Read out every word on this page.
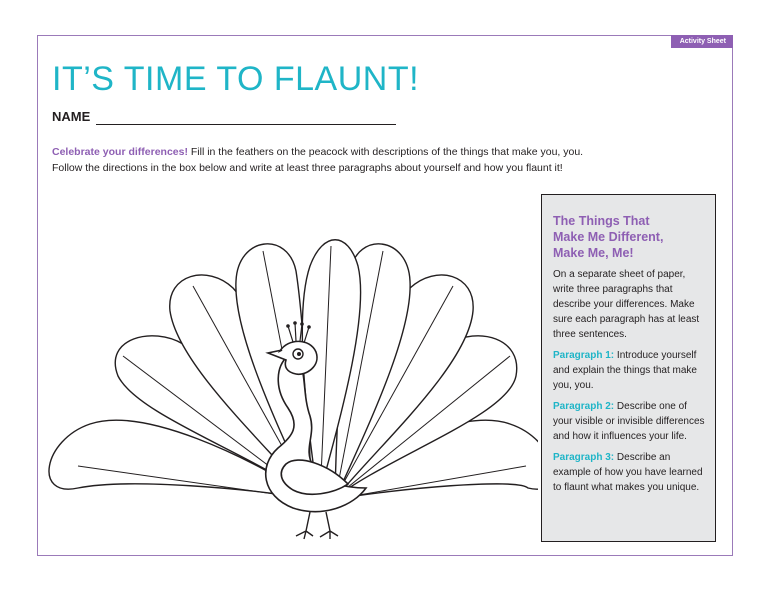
Activity Sheet
IT’S TIME TO FLAUNT!
NAME
Celebrate your differences! Fill in the feathers on the peacock with descriptions of the things that make you, you.
Follow the directions in the box below and write at least three paragraphs about yourself and how you flaunt it!
The Things That
Make Me Different,
Make Me, Me!

On a separate sheet of paper, write three paragraphs that describe your differences. Make sure each paragraph has at least three sentences.

Paragraph 1: Introduce yourself and explain the things that make you, you.

Paragraph 2: Describe one of your visible or invisible differences and how it influences your life.

Paragraph 3: Describe an example of how you have learned to flaunt what makes you unique.
